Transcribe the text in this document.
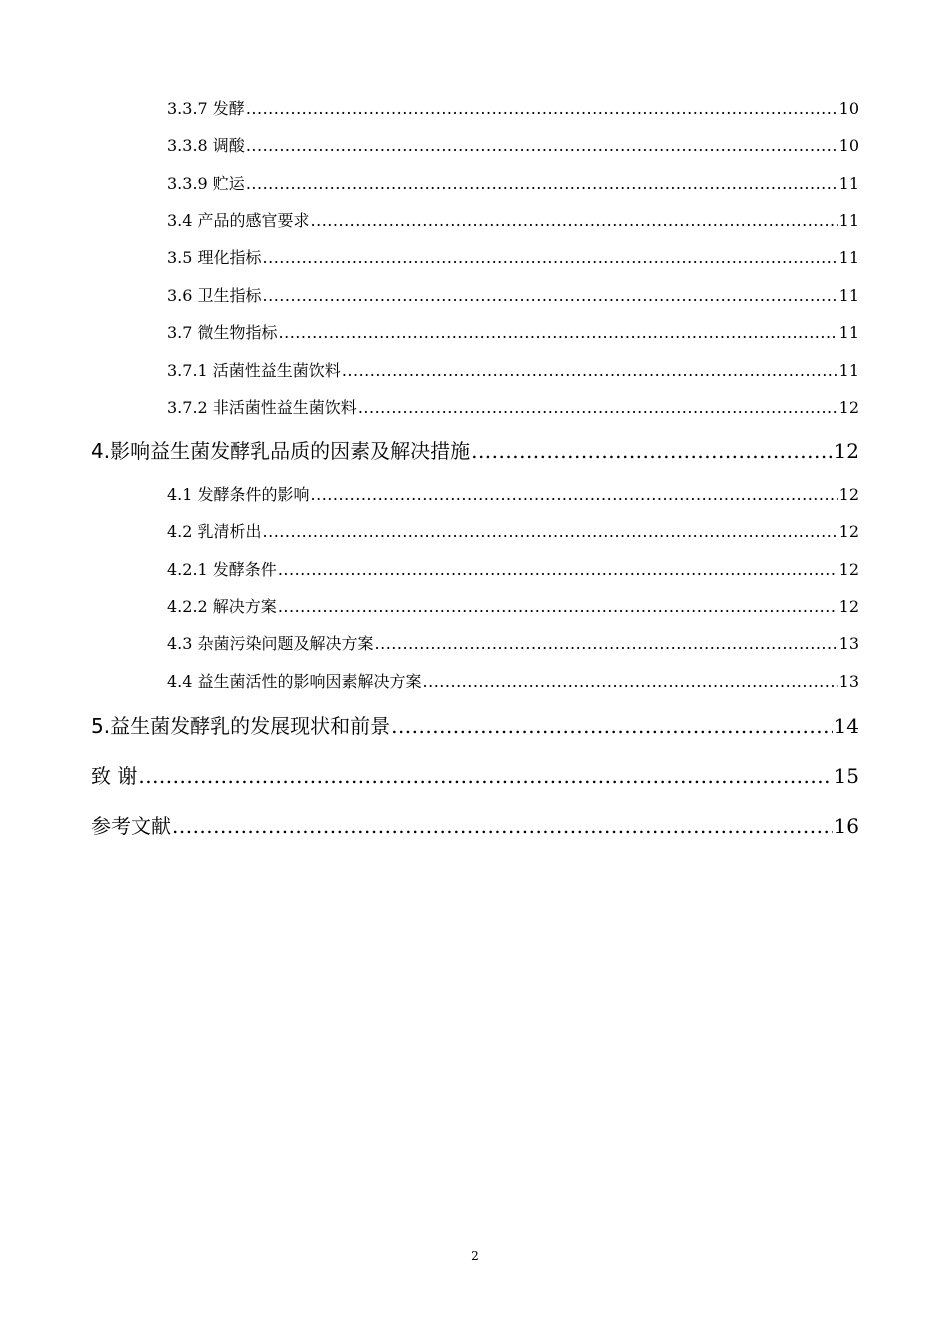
3.3.7 发酵 .....	10
3.3.8 调酸 .....	10
3.3.9 贮运 .....	11
3.4 产品的感官要求 .....	11
3.5 理化指标 .....	11
3.6 卫生指标 .....	11
3.7 微生物指标 .....	11
3.7.1 活菌性益生菌饮料 .....	11
3.7.2 非活菌性益生菌饮料 .....	12
4.影响益生菌发酵乳品质的因素及解决措施 .....	12
4.1 发酵条件的影响 .....	12
4.2 乳清析出 .....	12
4.2.1 发酵条件 .....	12
4.2.2 解决方案 .....	12
4.3 杂菌污染问题及解决方案 .....	13
4.4 益生菌活性的影响因素解决方案 .....	13
5.益生菌发酵乳的发展现状和前景 .....	14
致 谢 .....	15
参考文献 .....	16
2
